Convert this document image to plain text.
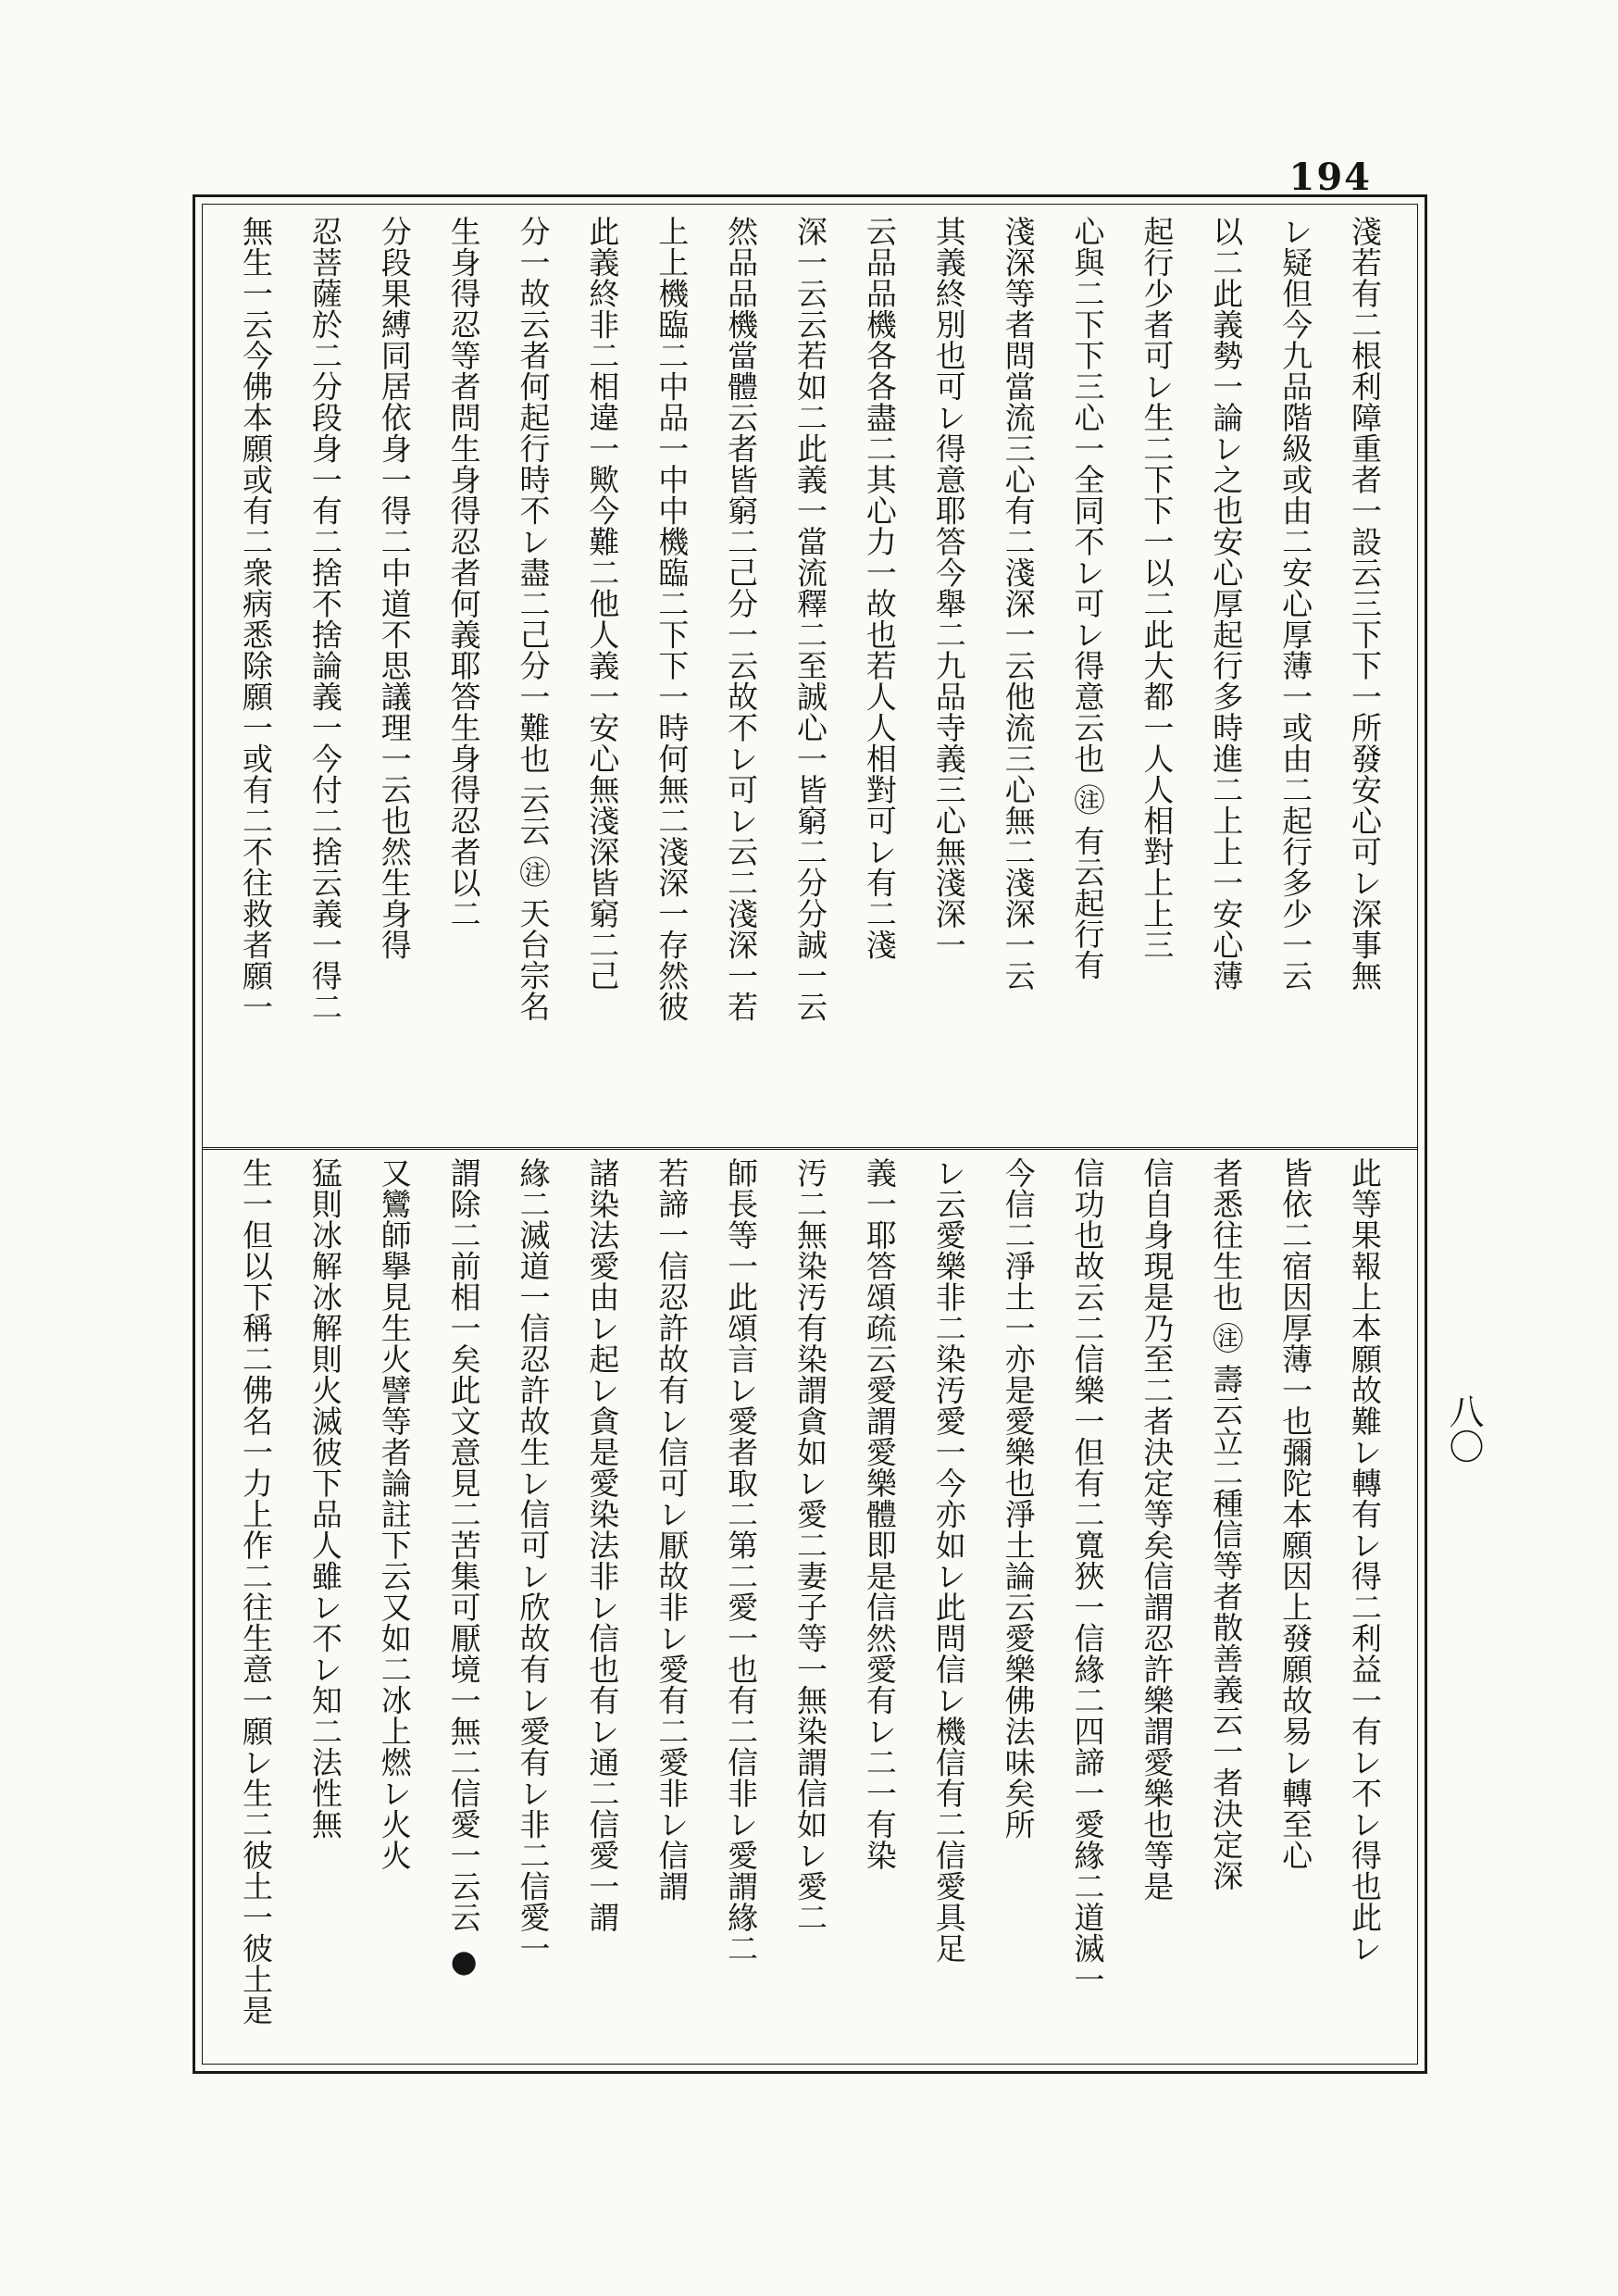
194
八〇
淺若有二根利障重者一設云三下下一所發安心可レ深事無
レ疑但今九品階級或由二安心厚薄一或由二起行多少一云
以二此義勢一論レ之也安心厚起行多時進二上上一安心薄
起行少者可レ生二下下一以二此大都一人人相對上上三
心與二下下三心一全同不レ可レ得意云也 ㊟ 有云起行有
淺深等者問當流三心有二淺深一云他流三心無二淺深一云
其義終別也可レ得意耶答今舉二九品寺義三心無淺深一
云品品機各各盡二其心力一故也若人人相對可レ有二淺
深一云云若如二此義一當流釋二至誠心一皆窮二分分誠一云
然品品機當體云者皆窮二己分一云故不レ可レ云二淺深一若
上上機臨二中品一中中機臨二下下一時何無二淺深一存然彼
此義終非二相違一歟今難二他人義一安心無淺深皆窮二己
分一故云者何起行時不レ盡二己分一難也 云云 ㊟ 天台宗名
生身得忍等者問生身得忍者何義耶答生身得忍者以二
分段果縛同居依身一得二中道不思議理一云也然生身得
忍菩薩於二分段身一有二捨不捨論義一今付二捨云義一得二
無生一云今佛本願或有二衆病悉除願一或有二不往救者願一
此等果報上本願故難レ轉有レ得二利益一有レ不レ得也此レ
皆依二宿因厚薄一也彌陀本願因上發願故易レ轉至心
者悉往生也 ㊟ 壽云立二種信等者散善義云一者決定深
信自身現是乃至二者決定等矣信謂忍許樂謂愛樂也等是
信功也故云二信樂一但有二寬狹一信緣二四諦一愛緣二道滅一
今信二淨土一亦是愛樂也淨土論云愛樂佛法味矣所
レ云愛樂非二染汚愛一今亦如レ此問信レ機信有二信愛具足
義一耶答頌疏云愛謂愛樂體即是信然愛有レ二一有染
汚二無染汚有染謂貪如レ愛二妻子等一無染謂信如レ愛二
師長等一此頌言レ愛者取二第二愛一也有二信非レ愛謂緣二
若諦一信忍許故有レ信可レ厭故非レ愛有二愛非レ信謂
諸染法愛由レ起レ貪是愛染法非レ信也有レ通二信愛一謂
緣二滅道一信忍許故生レ信可レ欣故有レ愛有レ非二信愛一
謂除二前相一矣此文意見二苦集可厭境一無二信愛一云云 ●
又鸞師擧見生火譬等者論註下云又如二冰上燃レ火火
猛則冰解冰解則火滅彼下品人雖レ不レ知二法性無
生一但以下稱二佛名一力上作二往生意一願レ生二彼土一彼土是
